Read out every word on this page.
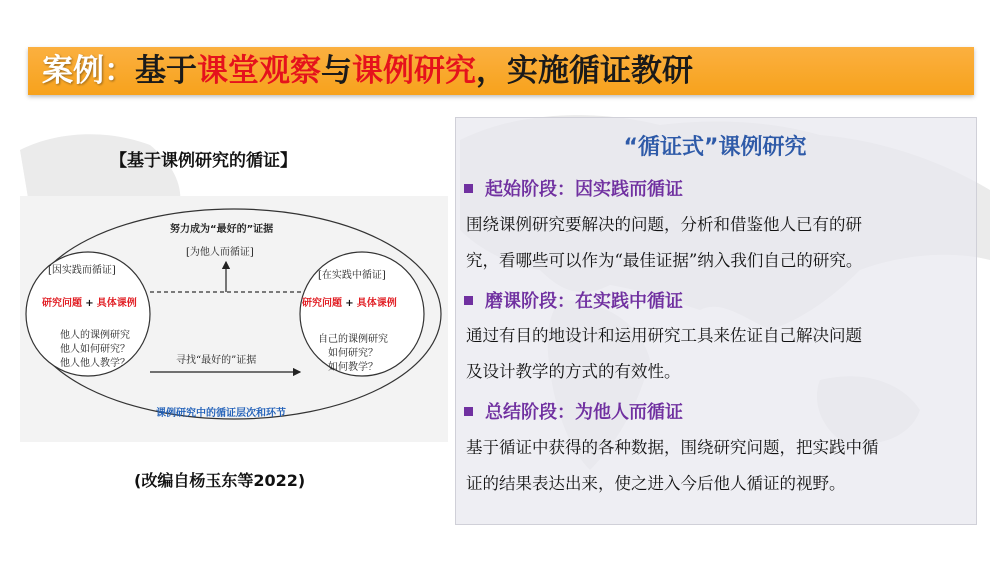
案例：基于课堂观察与课例研究，实施循证教研
【基于课例研究的循证】
努力成为“最好的”证据
[为他人而循证]
[因实践而循证]
研究问题 + 具体课例
他人的课例研究
他人如何研究？
他人他人教学？
[在实践中循证]
研究问题 + 具体课例
自己的课例研究
如何研究？
如何教学？
寻找“最好的”证据
课例研究中的循证层次和环节
(改编自杨玉东等2022)
“循证式”课例研究
起始阶段：因实践而循证
围绕课例研究要解决的问题，分析和借鉴他人已有的研
究，看哪些可以作为“最佳证据”纳入我们自己的研究。
磨课阶段：在实践中循证
通过有目的地设计和运用研究工具来佐证自己解决问题
及设计教学的方式的有效性。
总结阶段：为他人而循证
基于循证中获得的各种数据，围绕研究问题，把实践中循
证的结果表达出来，使之进入今后他人循证的视野。
